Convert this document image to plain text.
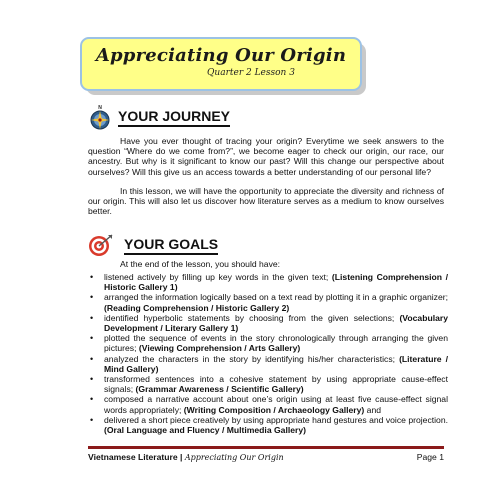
Appreciating Our Origin
Quarter 2 Lesson 3
N YOUR JOURNEY
Have you ever thought of tracing your origin? Everytime we seek answers to the question “Where do we come from?”, we become eager to check our origin, our race, our ancestry. But why is it significant to know our past? Will this change our perspective about ourselves? Will this give us an access towards a better understanding of our personal life?
In this lesson, we will have the opportunity to appreciate the diversity and richness of our origin. This will also let us discover how literature serves as a medium to know ourselves better.
YOUR GOALS
At the end of the lesson, you should have:
• listened actively by filling up key words in the given text; (Listening Comprehension / Historic Gallery 1)
• arranged the information logically based on a text read by plotting it in a graphic organizer; (Reading Comprehension / Historic Gallery 2)
• identified hyperbolic statements by choosing from the given selections; (Vocabulary Development / Literary Gallery 1)
• plotted the sequence of events in the story chronologically through arranging the given pictures; (Viewing Comprehension / Arts Gallery)
• analyzed the characters in the story by identifying his/her characteristics; (Literature / Mind Gallery)
• transformed sentences into a cohesive statement by using appropriate cause-effect signals; (Grammar Awareness / Scientific Gallery)
• composed a narrative account about one’s origin using at least five cause-effect signal words appropriately; (Writing Composition / Archaeology Gallery) and
• delivered a short piece creatively by using appropriate hand gestures and voice projection. (Oral Language and Fluency / Multimedia Gallery)
Vietnamese Literature | Appreciating Our Origin	Page 1
